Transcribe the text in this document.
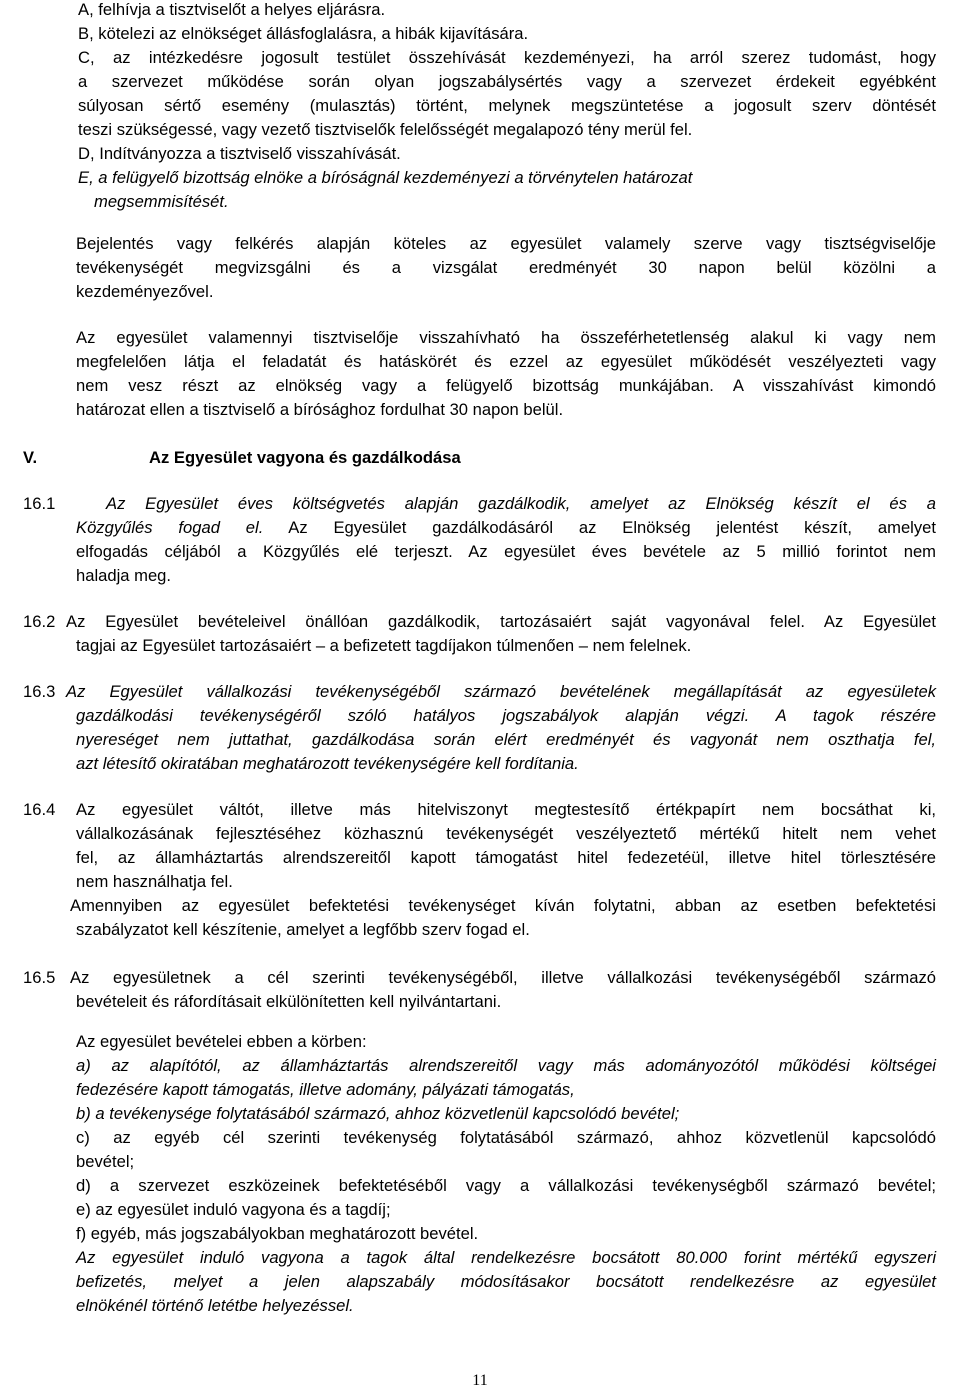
A, felhívja a tisztviselőt a helyes eljárásra.
B, kötelezi az elnökséget állásfoglalásra, a hibák kijavítására.
C, az intézkedésre jogosult testület összehívását kezdeményezi, ha arról szerez tudomást, hogy
a szervezet működése során olyan jogszabálysértés vagy a szervezet érdekeit egyébként
súlyosan sértő esemény (mulasztás) történt, melynek megszüntetése a jogosult szerv döntését
teszi szükségessé, vagy vezető tisztviselők felelősségét megalapozó tény merül fel.
D, Indítványozza a tisztviselő visszahívását.
E, a felügyelő bizottság elnöke a bíróságnál kezdeményezi a törvénytelen határozat
megsemmisítését.
Bejelentés vagy felkérés alapján köteles az egyesület valamely szerve vagy tisztségviselője
tevékenységét megvizsgálni és a vizsgálat eredményét 30 napon belül közölni a
kezdeményezővel.
Az egyesület valamennyi tisztviselője visszahívható ha összeférhetetlenség alakul ki vagy nem
megfelelően látja el feladatát és hatáskörét és ezzel az egyesület működését veszélyezteti vagy
nem vesz részt az elnökség vagy a felügyelő bizottság munkájában. A visszahívást kimondó
határozat ellen a tisztviselő a bírósághoz fordulhat 30 napon belül.
V.	Az Egyesület vagyona és gazdálkodása
16.1	Az Egyesület éves költségvetés alapján gazdálkodik, amelyet az Elnökség készít el és a
Közgyűlés fogad el. Az Egyesület gazdálkodásáról az Elnökség jelentést készít, amelyet
elfogadás céljából a Közgyűlés elé terjeszt. Az egyesület éves bevétele az 5 millió forintot nem
haladja meg.
16.2 Az Egyesület bevételeivel önállóan gazdálkodik, tartozásaiért saját vagyonával felel. Az Egyesület
tagjai az Egyesület tartozásaiért – a befizetett tagdíjakon túlmenően – nem felelnek.
16.3 Az Egyesület vállalkozási tevékenységéből származó bevételének megállapítását az egyesületek
gazdálkodási tevékenységéről szóló hatályos jogszabályok alapján végzi. A tagok részére
nyereséget nem juttathat, gazdálkodása során elért eredményét és vagyonát nem oszthatja fel,
azt létesítő okiratában meghatározott tevékenységére kell fordítania.
16.4 Az egyesület váltót, illetve más hitelviszonyt megtestesítő értékpapírt nem bocsáthat ki,
vállalkozásának fejlesztéséhez közhasznú tevékenységét veszélyeztető mértékű hitelt nem vehet
fel, az államháztartás alrendszereitől kapott támogatást hitel fedezetéül, illetve hitel törlesztésére
nem használhatja fel.
Amennyiben az egyesület befektetési tevékenységet kíván folytatni, abban az esetben befektetési
szabályzatot kell készítenie, amelyet a legfőbb szerv fogad el.
16.5 Az egyesületnek a cél szerinti tevékenységéből, illetve vállalkozási tevékenységéből származó
bevételeit és ráfordításait elkülönítetten kell nyilvántartani.
Az egyesület bevételei ebben a körben:
a) az alapítótól, az államháztartás alrendszereitől vagy más adományozótól működési költségei
fedezésére kapott támogatás, illetve adomány, pályázati támogatás,
b) a tevékenysége folytatásából származó, ahhoz közvetlenül kapcsolódó bevétel;
c) az egyéb cél szerinti tevékenység folytatásából származó, ahhoz közvetlenül kapcsolódó
bevétel;
d) a szervezet eszközeinek befektetéséből vagy a vállalkozási tevékenységből származó bevétel;
e) az egyesület induló vagyona és a tagdíj;
f) egyéb, más jogszabályokban meghatározott bevétel.
Az egyesület induló vagyona a tagok által rendelkezésre bocsátott 80.000 forint mértékű egyszeri
befizetés, melyet a jelen alapszabály módosításakor bocsátott rendelkezésre az egyesület
elnökénél történő letétbe helyezéssel.
11
